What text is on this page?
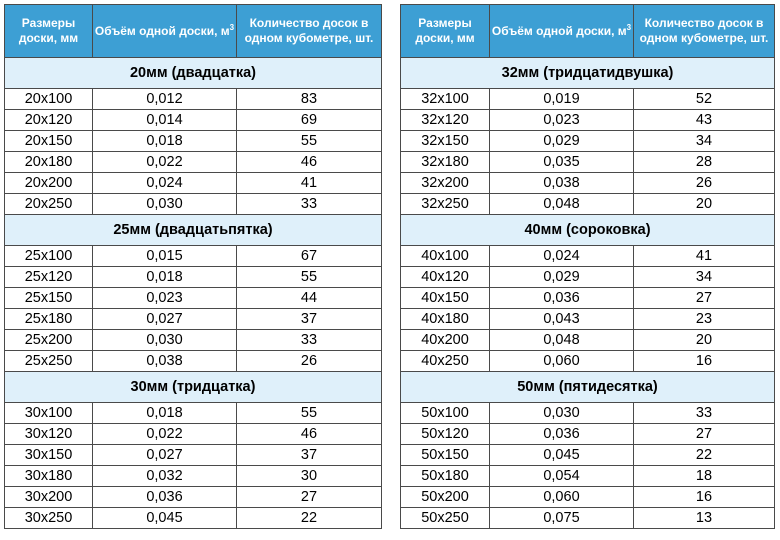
Размеры доски, мм	Объём одной доски, $м^3$	Количество досок в одном кубометре, шт.
20мм (двадцатка)		
20x100	0,012	83
20x120	0,014	69
20x150	0,018	55
20x180	0,022	46
20x200	0,024	41
20x250	0,030	33
25мм (двадцатьпятка)		
25x100	0,015	67
25x120	0,018	55
25x150	0,023	44
25x180	0,027	37
25x200	0,030	33
25x250	0,038	26
30мм (тридцатка)		
30x100	0,018	55
30x120	0,022	46
30x150	0,027	37
30x180	0,032	30
30x200	0,036	27
30x250	0,045	22
Размеры доски, мм	Объём одной доски, $м^3$	Количество досок в одном кубометре, шт.
32мм (тридцатидвушка)		
32x100	0,019	52
32x120	0,023	43
32x150	0,029	34
32x180	0,035	28
32x200	0,038	26
32x250	0,048	20
40мм (сороковка)		
40x100	0,024	41
40x120	0,029	34
40x150	0,036	27
40x180	0,043	23
40x200	0,048	20
40x250	0,060	16
50мм (пятидесятка)		
50x100	0,030	33
50x120	0,036	27
50x150	0,045	22
50x180	0,054	18
50x200	0,060	16
50x250	0,075	13
